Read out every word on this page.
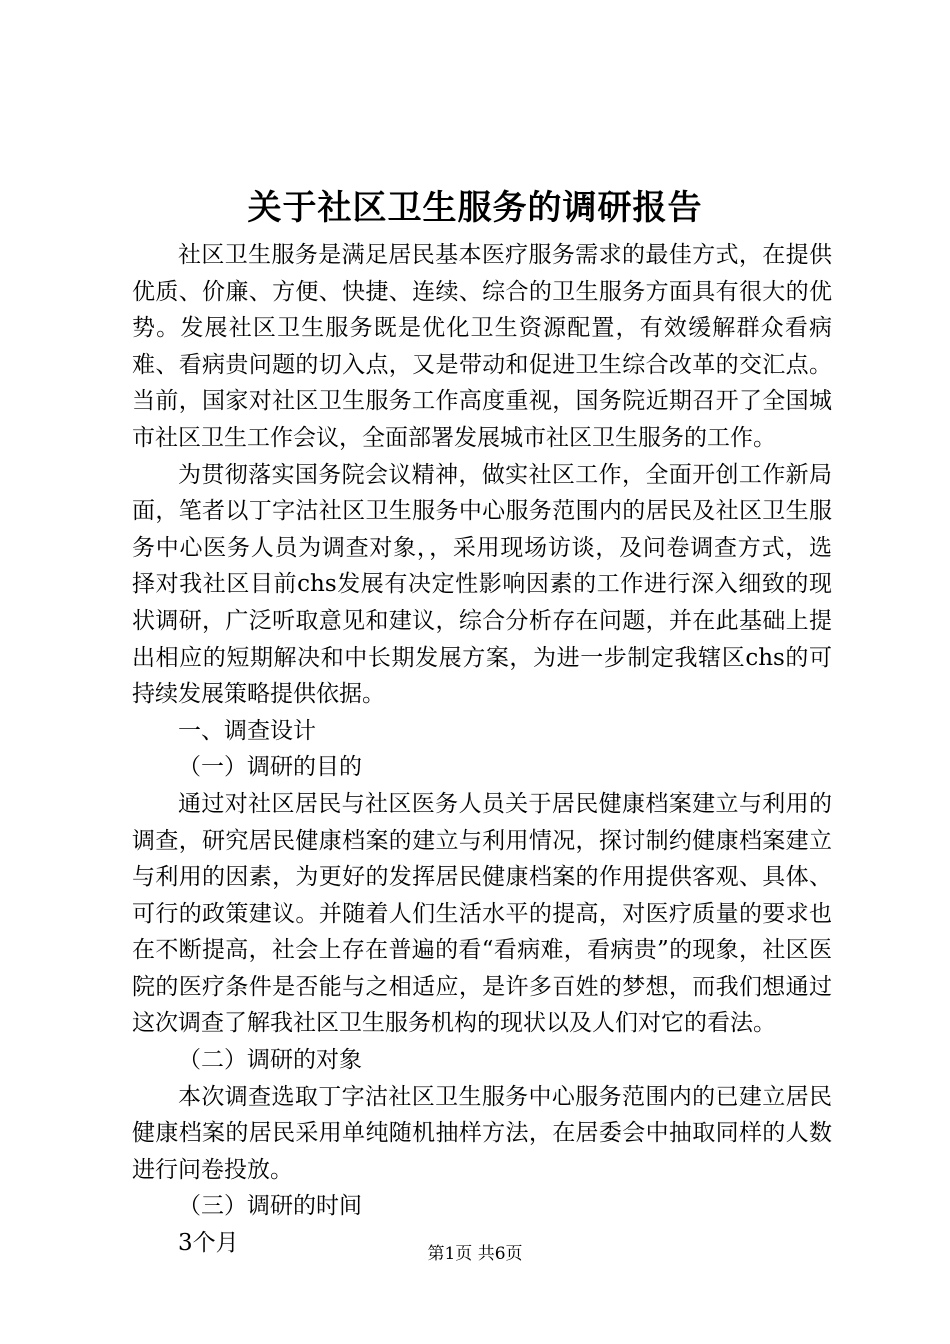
关于社区卫生服务的调研报告

社区卫生服务是满足居民基本医疗服务需求的最佳方式，在提供优质、价廉、方便、快捷、连续、综合的卫生服务方面具有很大的优势。发展社区卫生服务既是优化卫生资源配置，有效缓解群众看病难、看病贵问题的切入点，又是带动和促进卫生综合改革的交汇点。当前，国家对社区卫生服务工作高度重视，国务院近期召开了全国城市社区卫生工作会议，全面部署发展城市社区卫生服务的工作。

为贯彻落实国务院会议精神，做实社区工作，全面开创工作新局面，笔者以丁字沽社区卫生服务中心服务范围内的居民及社区卫生服务中心医务人员为调查对象，，采用现场访谈，及问卷调查方式，选择对我社区目前chs发展有决定性影响因素的工作进行深入细致的现状调研，广泛听取意见和建议，综合分析存在问题，并在此基础上提出相应的短期解决和中长期发展方案，为进一步制定我辖区chs的可持续发展策略提供依据。

一、调查设计

（一）调研的目的

通过对社区居民与社区医务人员关于居民健康档案建立与利用的调查，研究居民健康档案的建立与利用情况，探讨制约健康档案建立与利用的因素，为更好的发挥居民健康档案的作用提供客观、具体、可行的政策建议。并随着人们生活水平的提高，对医疗质量的要求也在不断提高，社会上存在普遍的看“看病难，看病贵”的现象，社区医院的医疗条件是否能与之相适应，是许多百姓的梦想，而我们想通过这次调查了解我社区卫生服务机构的现状以及人们对它的看法。

（二）调研的对象

本次调查选取丁字沽社区卫生服务中心服务范围内的已建立居民健康档案的居民采用单纯随机抽样方法，在居委会中抽取同样的人数进行问卷投放。

（三）调研的时间

3个月	第1页 共6页
